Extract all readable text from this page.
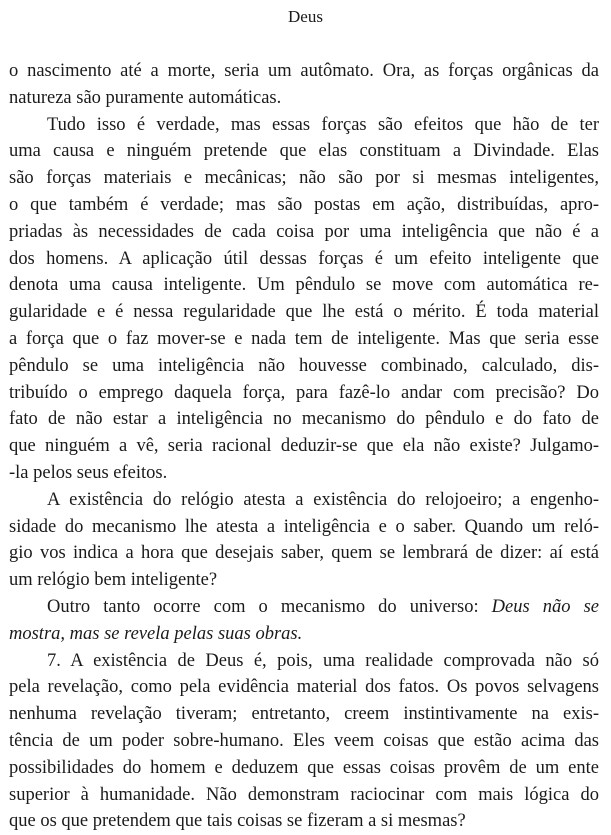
Deus
o nascimento até a morte, seria um autômato. Ora, as forças orgânicas da
natureza são puramente automáticas.
Tudo isso é verdade, mas essas forças são efeitos que hão de ter
uma causa e ninguém pretende que elas constituam a Divindade. Elas
são forças materiais e mecânicas; não são por si mesmas inteligentes,
o que também é verdade; mas são postas em ação, distribuídas, apro-
priadas às necessidades de cada coisa por uma inteligência que não é a
dos homens. A aplicação útil dessas forças é um efeito inteligente que
denota uma causa inteligente. Um pêndulo se move com automática re-
gularidade e é nessa regularidade que lhe está o mérito. É toda material
a força que o faz mover-se e nada tem de inteligente. Mas que seria esse
pêndulo se uma inteligência não houvesse combinado, calculado, dis-
tribuído o emprego daquela força, para fazê-lo andar com precisão? Do
fato de não estar a inteligência no mecanismo do pêndulo e do fato de
que ninguém a vê, seria racional deduzir-se que ela não existe? Julgamo-
-la pelos seus efeitos.
A existência do relógio atesta a existência do relojoeiro; a engenho-
sidade do mecanismo lhe atesta a inteligência e o saber. Quando um reló-
gio vos indica a hora que desejais saber, quem se lembrará de dizer: aí está
um relógio bem inteligente?
Outro tanto ocorre com o mecanismo do universo: Deus não se
mostra, mas se revela pelas suas obras.
7. A existência de Deus é, pois, uma realidade comprovada não só
pela revelação, como pela evidência material dos fatos. Os povos selvagens
nenhuma revelação tiveram; entretanto, creem instintivamente na exis-
tência de um poder sobre-humano. Eles veem coisas que estão acima das
possibilidades do homem e deduzem que essas coisas provêm de um ente
superior à humanidade. Não demonstram raciocinar com mais lógica do
que os que pretendem que tais coisas se fizeram a si mesmas?
